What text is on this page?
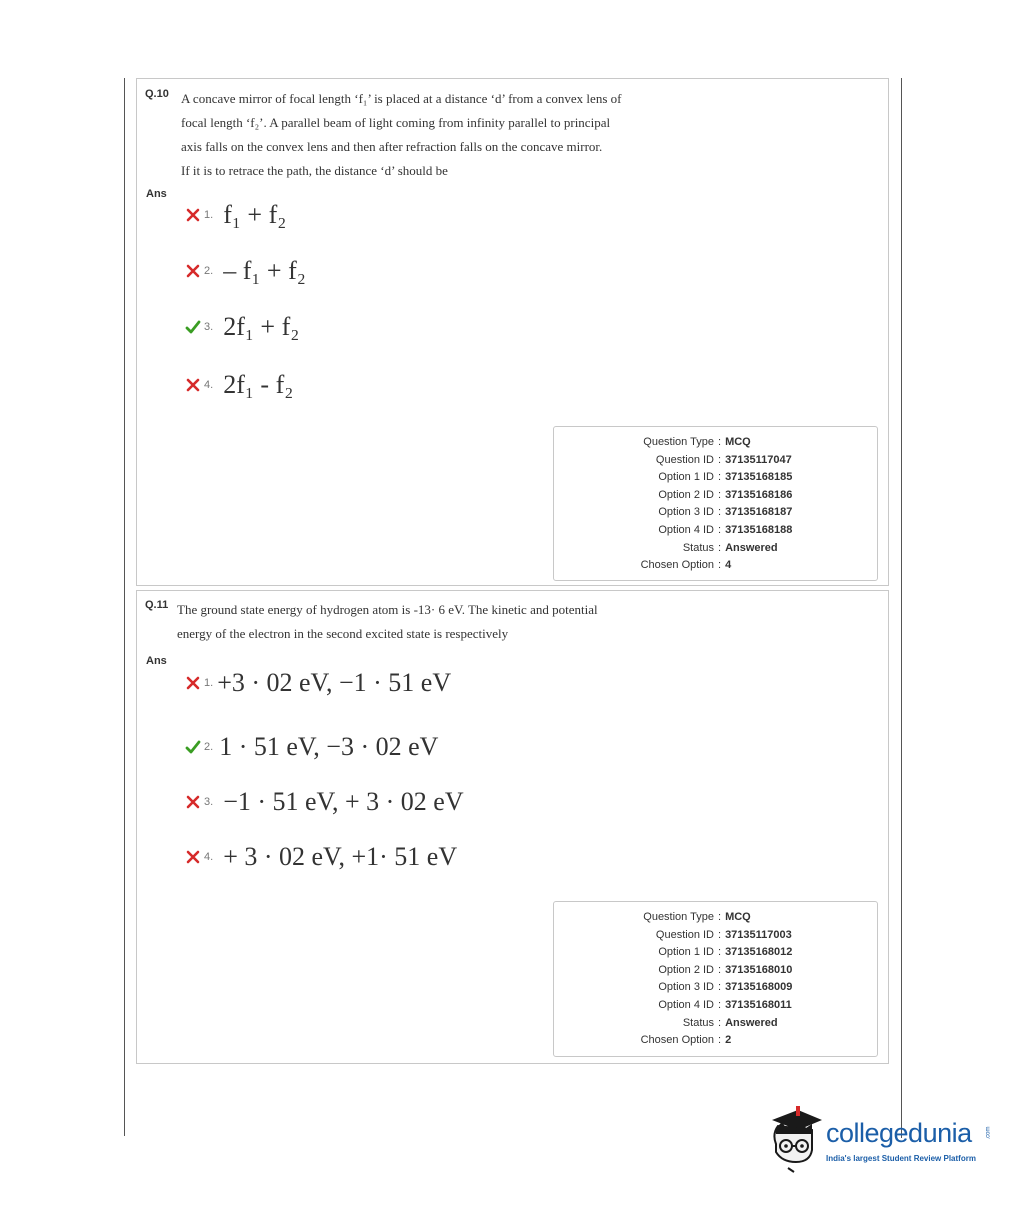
Q.10 A concave mirror of focal length ‘f₁’ is placed at a distance ‘d’ from a convex lens of
focal length ‘f₂’. A parallel beam of light coming from infinity parallel to principal
axis falls on the convex lens and then after refraction falls on the concave mirror.
If it is to retrace the path, the distance ‘d’ should be
Ans
1. f₁ + f₂
2. – f₁ + f₂
3. 2f₁ + f₂
4. 2f₁ - f₂
Question Type : MCQ
Question ID : 37135117047
Option 1 ID : 37135168185
Option 2 ID : 37135168186
Option 3 ID : 37135168187
Option 4 ID : 37135168188
Status : Answered
Chosen Option : 4
Q.11 The ground state energy of hydrogen atom is -13· 6 eV. The kinetic and potential
energy of the electron in the second excited state is respectively
Ans
1. +3 · 02 eV, −1 · 51 eV
2. 1 · 51 eV, −3 · 02 eV
3. −1 · 51 eV, + 3 · 02 eV
4. + 3 · 02 eV, +1· 51 eV
Question Type : MCQ
Question ID : 37135117003
Option 1 ID : 37135168012
Option 2 ID : 37135168010
Option 3 ID : 37135168009
Option 4 ID : 37135168011
Status : Answered
Chosen Option : 2
collegedunia .com
India's largest Student Review Platform
